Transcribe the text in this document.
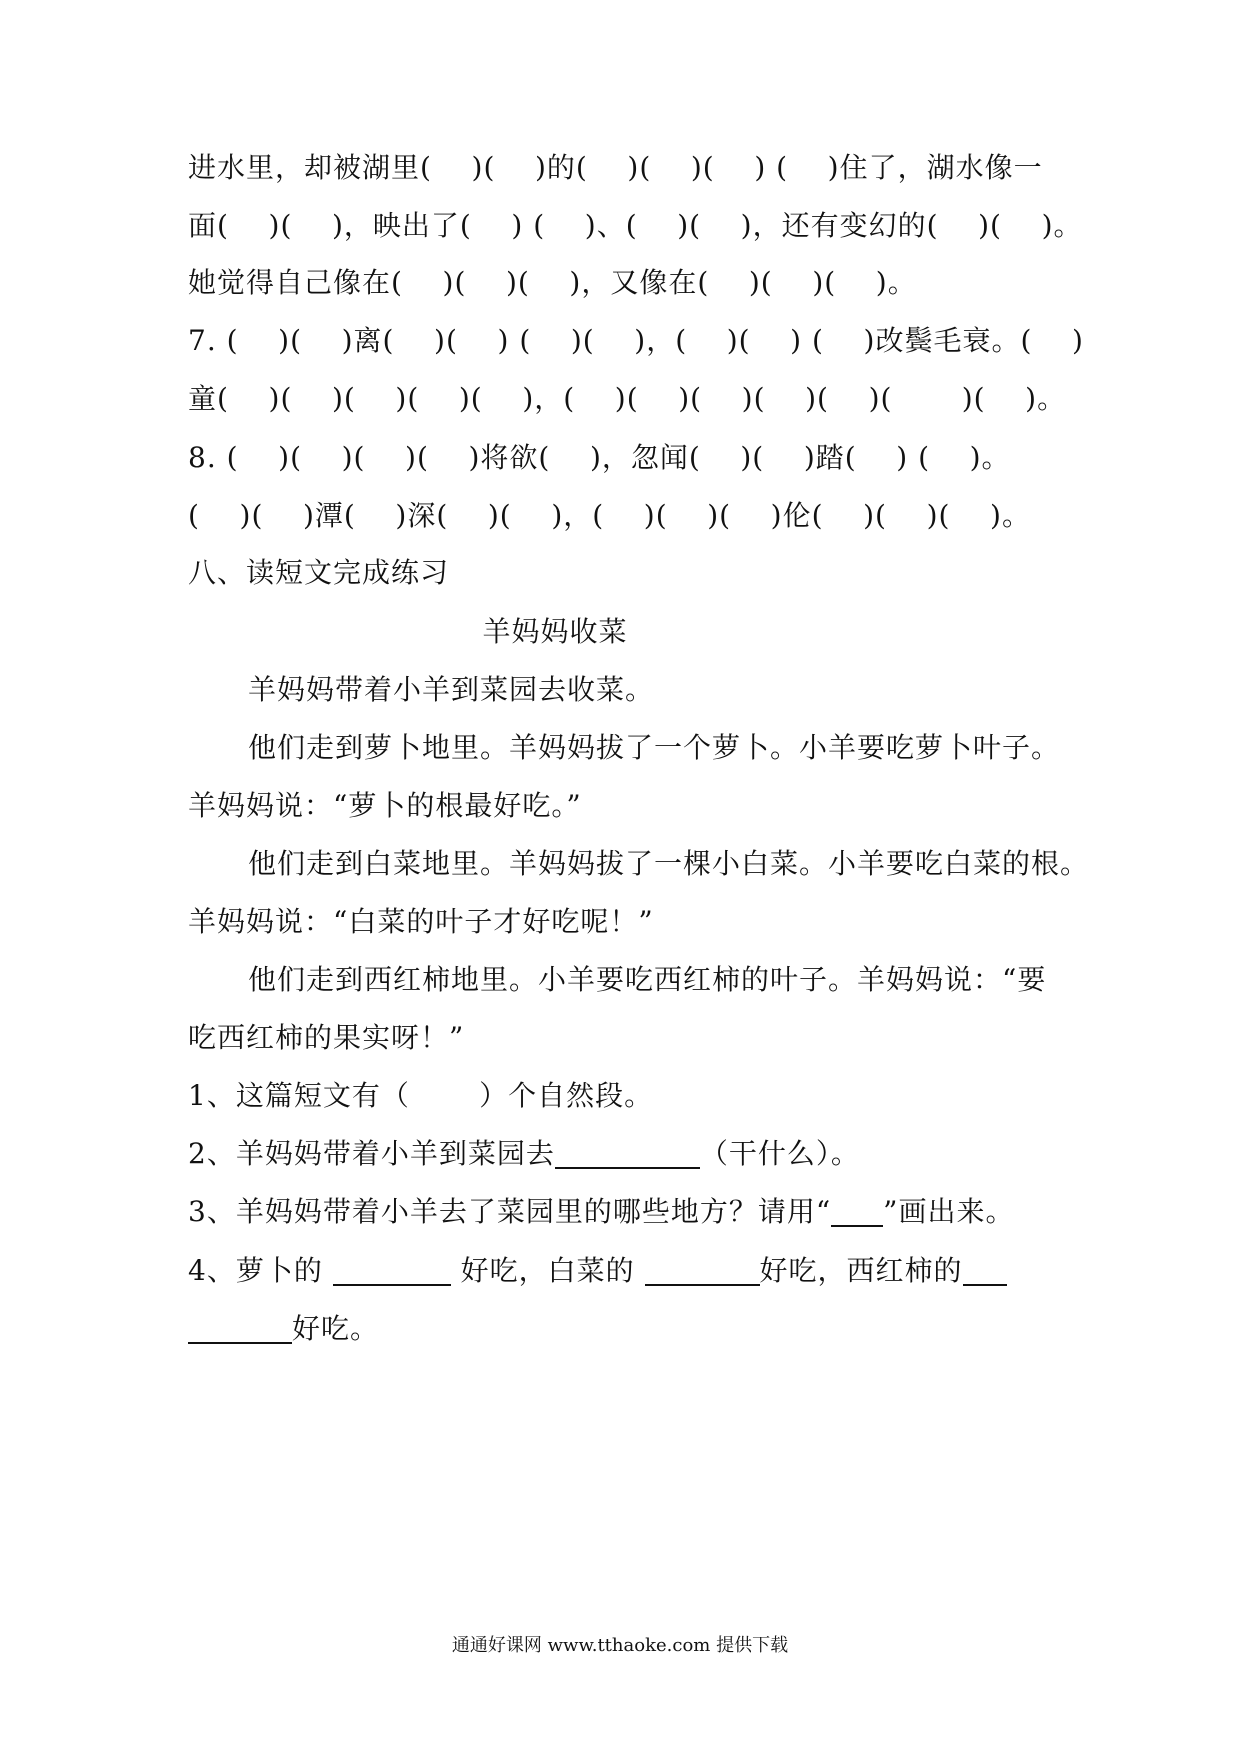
进水里，却被湖里(    )(    )的(    )(    )(    ) (    )住了，湖水像一
面(    )(    )，映出了(    ) (    )、(    )(    )，还有变幻的(    )(    )。
她觉得自己像在(    )(    )(    )，又像在(    )(    )(    )。
7. (    )(    )离(    )(    ) (    )(    )，(    )(    ) (    )改鬓毛衰。(    )
童(    )(    )(    )(    )(    )，(    )(    )(    )(    )(    )(       )(    )。
8. (    )(    )(    )(    )将欲(    )，忽闻(    )(    )踏(    ) (    )。
(    )(    )潭(    )深(    )(    )，(    )(    )(    )伦(    )(    )(    )。
八、读短文完成练习
羊妈妈收菜
羊妈妈带着小羊到菜园去收菜。
他们走到萝卜地里。羊妈妈拔了一个萝卜。小羊要吃萝卜叶子。
羊妈妈说：“萝卜的根最好吃。”
他们走到白菜地里。羊妈妈拔了一棵小白菜。小羊要吃白菜的根。
羊妈妈说：“白菜的叶子才好吃呢！”
他们走到西红柿地里。小羊要吃西红柿的叶子。羊妈妈说：“要
吃西红柿的果实呀！”
1、这篇短文有（       ）个自然段。
2、羊妈妈带着小羊到菜园去	（干什么）。
3、羊妈妈带着小羊去了菜园里的哪些地方？请用“ ”画出来。
4、萝卜的	好吃，白菜的	好吃，西红柿的
好吃。
通通好课网 www.tthaoke.com 提供下载
